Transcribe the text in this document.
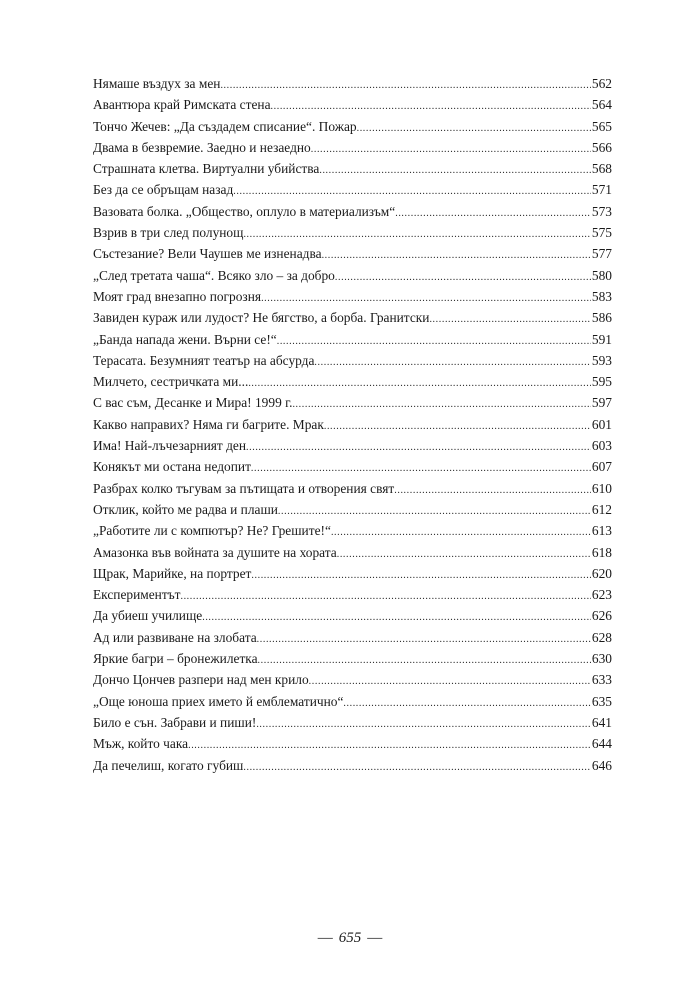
Нямаше въздух за мен .....	562
Авантюра край Римската стена .....	564
Тончо Жечев: „Да създадем списание“. Пожар .....	565
Двама в безвремие. Заедно и незаедно .....	566
Страшната клетва. Виртуални убийства .....	568
Без да се обръщам назад .....	571
Вазовата болка. „Общество, оплуло в материализъм“ .....	573
Взрив в три след полунощ .....	575
Състезание? Вели Чаушев ме изненадва .....	577
„След третата чаша“. Всяко зло – за добро .....	580
Моят град внезапно погрозня .....	583
Завиден кураж или лудост? Не бягство, а борба. Гранитски .....	586
„Банда напада жени. Върни се!“ .....	591
Терасата. Безумният театър на абсурда .....	593
Милчето, сестричката ми... .....	595
С вас съм, Десанке и Мира! 1999 г. .....	597
Какво направих? Няма ги багрите. Мрак .....	601
Има! Най-лъчезарният ден .....	603
Конякът ми остана недопит .....	607
Разбрах колко тъгувам за пътищата и отворения свят .....	610
Отклик, който ме радва и плаши .....	612
„Работите ли с компютър? Не? Грешите!“ .....	613
Амазонка във войната за душите на хората .....	618
Щрак, Марийке, на портрет .....	620
Експериментът .....	623
Да убиеш училище .....	626
Ад или развиване на злобата .....	628
Яркие багри – бронежилетка .....	630
Дончо Цончев разпери над мен крило .....	633
„Още юноша приех името й емблематично“ .....	635
Било е сън. Забрави и пиши! .....	641
Мъж, който чака .....	644
Да печелиш, когато губиш .....	646
— 655 —
